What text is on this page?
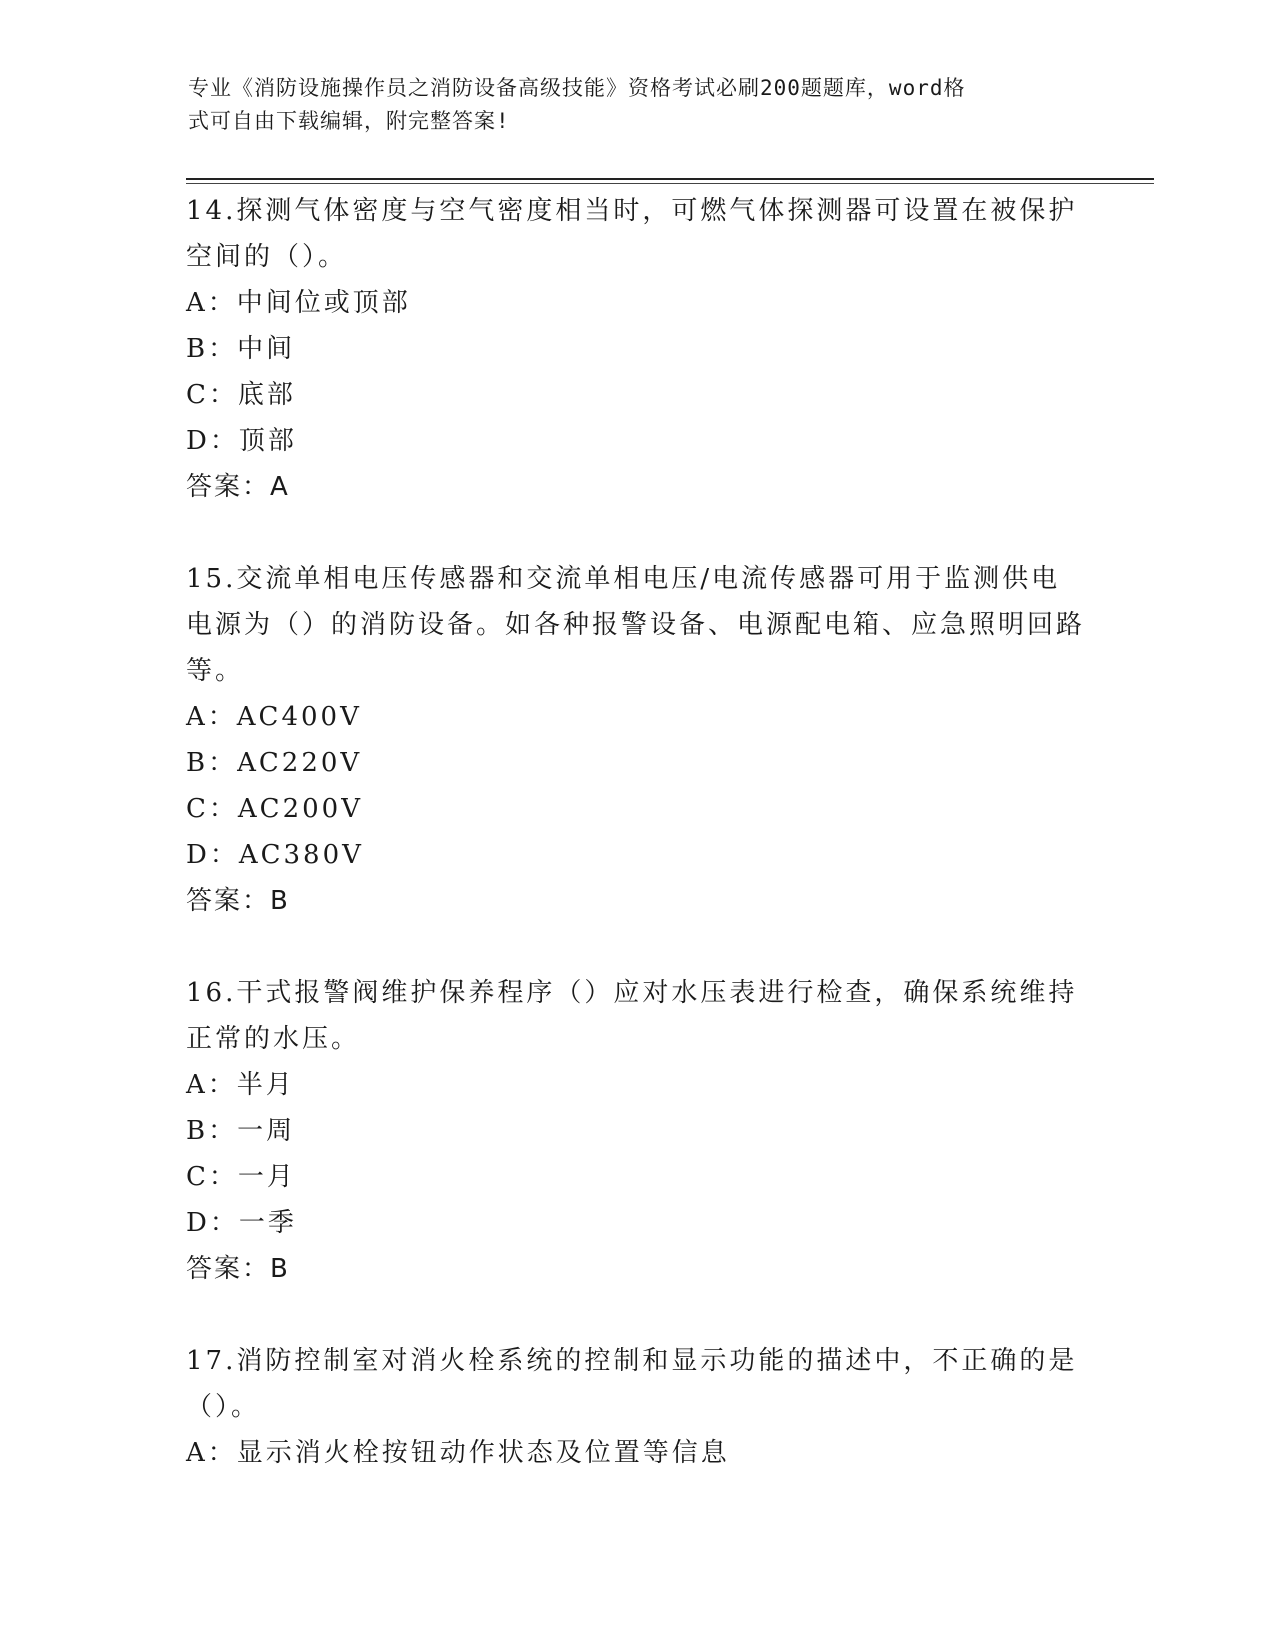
专业《消防设施操作员之消防设备高级技能》资格考试必刷200题题库，word格
式可自由下载编辑，附完整答案!
14.探测气体密度与空气密度相当时，可燃气体探测器可设置在被保护空间的（）。
A：中间位或顶部
B：中间
C：底部
D：顶部
答案：A
15.交流单相电压传感器和交流单相电压/电流传感器可用于监测供电电源为（）的消防设备。如各种报警设备、电源配电箱、应急照明回路等。
A：AC400V
B：AC220V
C：AC200V
D：AC380V
答案：B
16.干式报警阀维护保养程序（）应对水压表进行检查，确保系统维持正常的水压。
A：半月
B：一周
C：一月
D：一季
答案：B
17.消防控制室对消火栓系统的控制和显示功能的描述中，不正确的是（）。
A：显示消火栓按钮动作状态及位置等信息
